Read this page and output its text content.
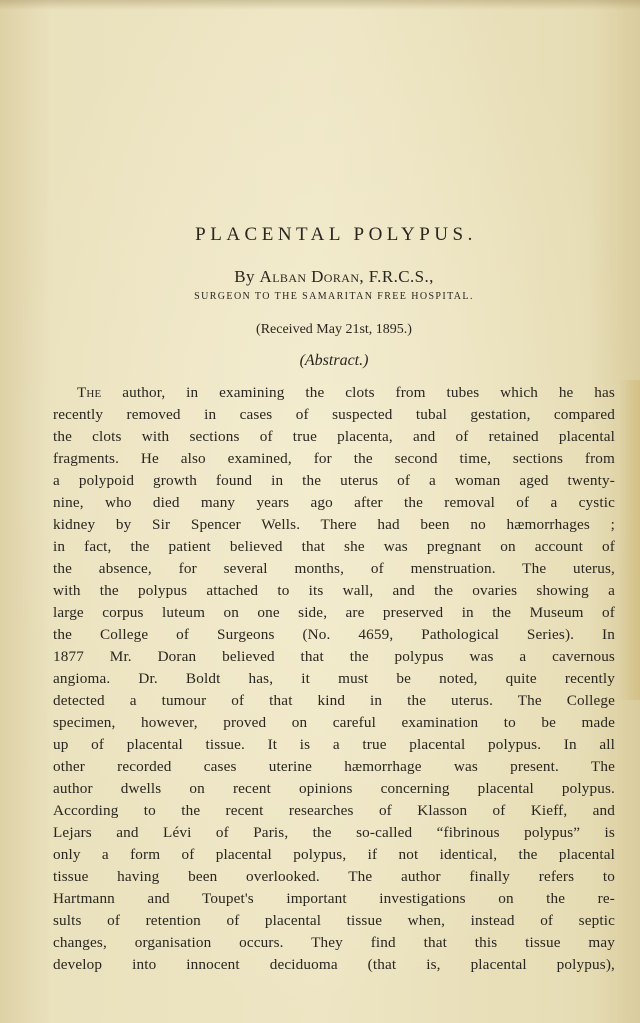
PLACENTAL POLYPUS.
By Alban Doran, F.R.C.S.,
SURGEON TO THE SAMARITAN FREE HOSPITAL.
(Received May 21st, 1895.)
(Abstract.)
The author, in examining the clots from tubes which he has
recently removed in cases of suspected tubal gestation, compared
the clots with sections of true placenta, and of retained placental
fragments. He also examined, for the second time, sections from
a polypoid growth found in the uterus of a woman aged twenty-
nine, who died many years ago after the removal of a cystic
kidney by Sir Spencer Wells. There had been no hæmorrhages ;
in fact, the patient believed that she was pregnant on account of
the absence, for several months, of menstruation. The uterus,
with the polypus attached to its wall, and the ovaries showing a
large corpus luteum on one side, are preserved in the Museum of
the College of Surgeons (No. 4659, Pathological Series). In
1877 Mr. Doran believed that the polypus was a cavernous
angioma. Dr. Boldt has, it must be noted, quite recently
detected a tumour of that kind in the uterus. The College
specimen, however, proved on careful examination to be made
up of placental tissue. It is a true placental polypus. In all
other recorded cases uterine hæmorrhage was present. The
author dwells on recent opinions concerning placental polypus.
According to the recent researches of Klasson of Kieff, and
Lejars and Lévi of Paris, the so-called “fibrinous polypus” is
only a form of placental polypus, if not identical, the placental
tissue having been overlooked. The author finally refers to
Hartmann and Toupet's important investigations on the re-
sults of retention of placental tissue when, instead of septic
changes, organisation occurs. They find that this tissue may
develop into innocent deciduoma (that is, placental polypus),
